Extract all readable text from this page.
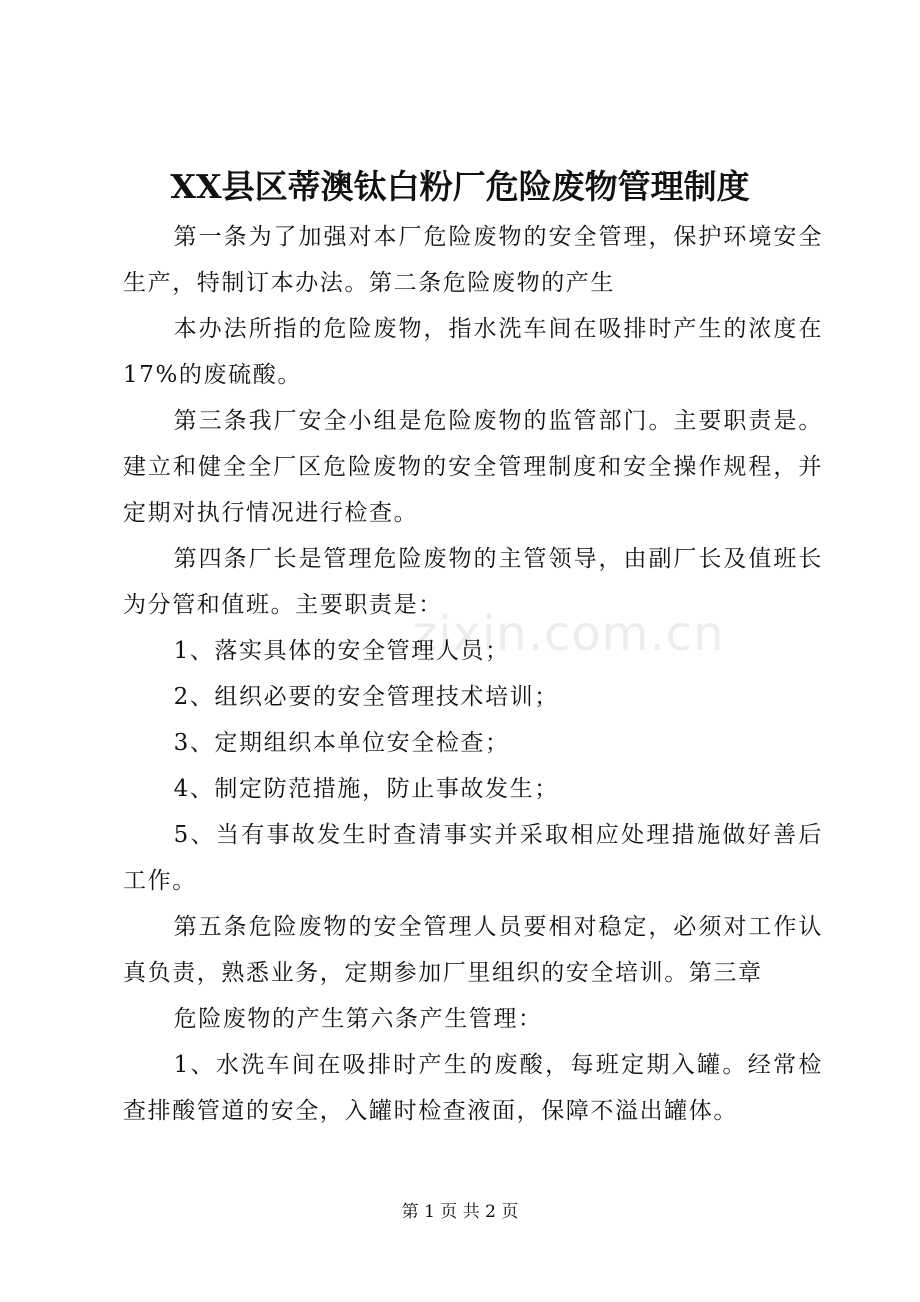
XX县区蒂澳钛白粉厂危险废物管理制度

第一条为了加强对本厂危险废物的安全管理，保护环境安全生产，特制订本办法。第二条危险废物的产生

本办法所指的危险废物，指水洗车间在吸排时产生的浓度在17%的废硫酸。

第三条我厂安全小组是危险废物的监管部门。主要职责是。建立和健全全厂区危险废物的安全管理制度和安全操作规程，并定期对执行情况进行检查。

第四条厂长是管理危险废物的主管领导，由副厂长及值班长为分管和值班。主要职责是：

1、落实具体的安全管理人员；

2、组织必要的安全管理技术培训；

3、定期组织本单位安全检查；

4、制定防范措施，防止事故发生；

5、当有事故发生时查清事实并采取相应处理措施做好善后工作。

第五条危险废物的安全管理人员要相对稳定，必须对工作认真负责，熟悉业务，定期参加厂里组织的安全培训。第三章

危险废物的产生第六条产生管理：

1、水洗车间在吸排时产生的废酸，每班定期入罐。经常检查排酸管道的安全，入罐时检查液面，保障不溢出罐体。

zixin.com.cn
第 1 页 共 2 页
